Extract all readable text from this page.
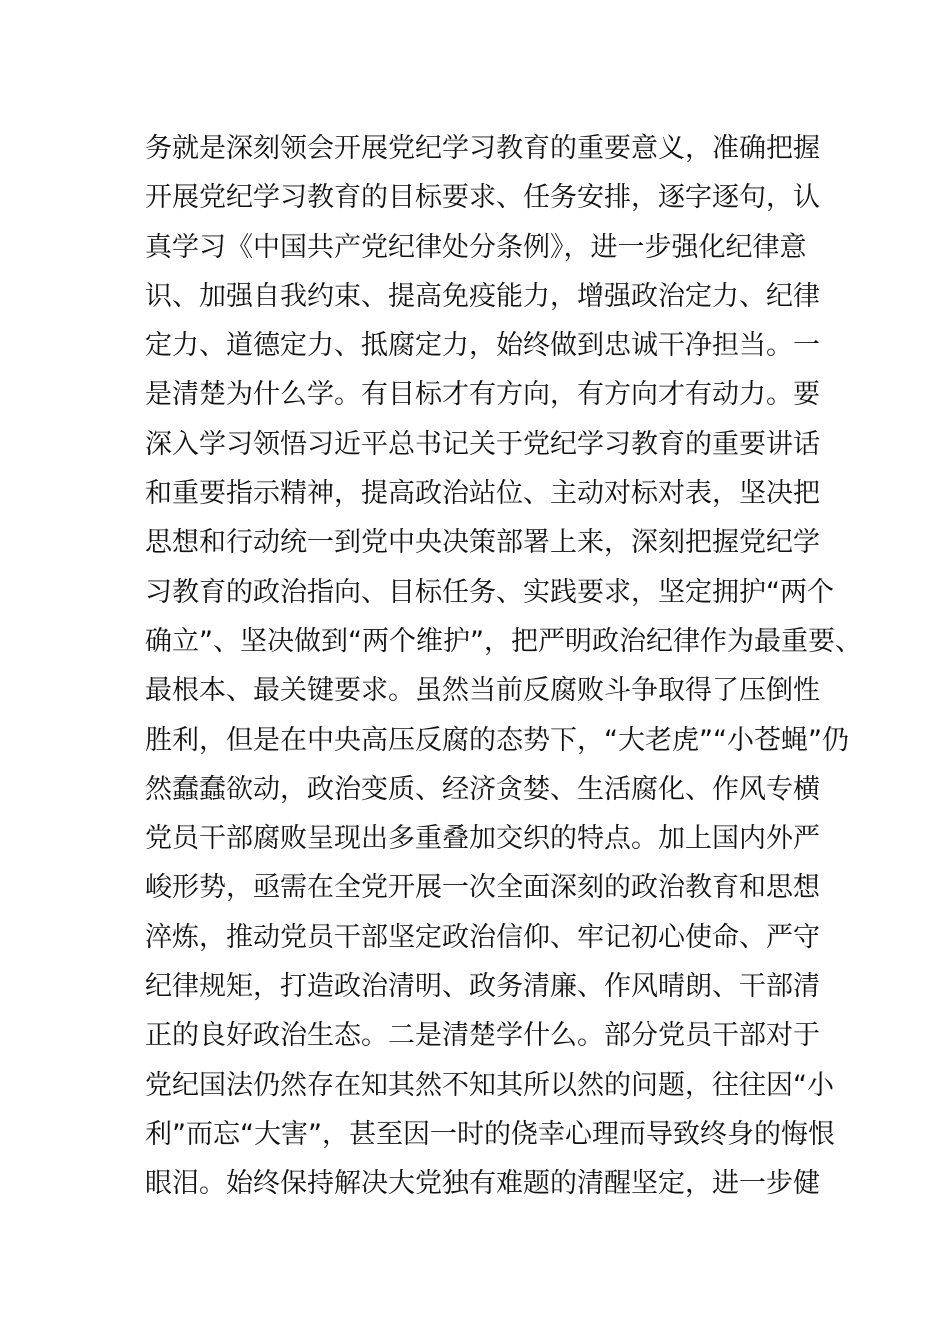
务就是深刻领会开展党纪学习教育的重要意义，准确把握
开展党纪学习教育的目标要求、任务安排，逐字逐句，认
真学习《中国共产党纪律处分条例》，进一步强化纪律意
识、加强自我约束、提高免疫能力，增强政治定力、纪律
定力、道德定力、抵腐定力，始终做到忠诚干净担当。一
是清楚为什么学。有目标才有方向，有方向才有动力。要
深入学习领悟习近平总书记关于党纪学习教育的重要讲话
和重要指示精神，提高政治站位、主动对标对表，坚决把
思想和行动统一到党中央决策部署上来，深刻把握党纪学
习教育的政治指向、目标任务、实践要求，坚定拥护“两个
确立”、坚决做到“两个维护”，把严明政治纪律作为最重要、
最根本、最关键要求。虽然当前反腐败斗争取得了压倒性
胜利，但是在中央高压反腐的态势下，“大老虎”“小苍蝇”仍
然蠢蠢欲动，政治变质、经济贪婪、生活腐化、作风专横
党员干部腐败呈现出多重叠加交织的特点。加上国内外严
峻形势，亟需在全党开展一次全面深刻的政治教育和思想
淬炼，推动党员干部坚定政治信仰、牢记初心使命、严守
纪律规矩，打造政治清明、政务清廉、作风晴朗、干部清
正的良好政治生态。二是清楚学什么。部分党员干部对于
党纪国法仍然存在知其然不知其所以然的问题，往往因“小
利”而忘“大害”，甚至因一时的侥幸心理而导致终身的悔恨
眼泪。始终保持解决大党独有难题的清醒坚定，进一步健
